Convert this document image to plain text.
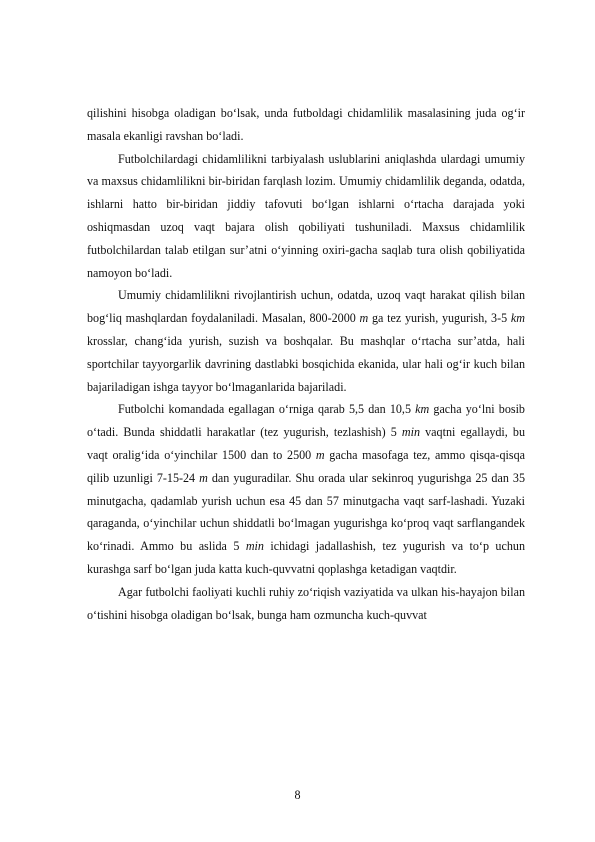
qilishini hisobga oladigan bo‘lsak, unda futboldagi chidamlilik masalasining juda og‘ir masala ekanligi ravshan bo‘ladi.

Futbolchilardagi chidamlilikni tarbiyalash uslublarini aniqlashda ulardagi umumiy va maxsus chidamlilikni bir-biridan farqlash lozim. Umumiy chidamlilik deganda, odatda, ishlarni hatto bir-biridan jiddiy tafovuti bo‘lgan ishlarni o‘rtacha darajada yoki oshiqmasdan uzoq vaqt bajara olish qobiliyati tushuniladi. Maxsus chidamlilik futbolchilardan talab etilgan sur’atni o‘yinning oxiri-gacha saqlab tura olish qobiliyatida namoyon bo‘ladi.

Umumiy chidamlilikni rivojlantirish uchun, odatda, uzoq vaqt harakat qilish bilan bog‘liq mashqlardan foydalaniladi. Masalan, 800-2000 m ga tez yurish, yugurish, 3-5 km krosslar, chang‘ida yurish, suzish va boshqalar. Bu mashqlar o‘rtacha sur’atda, hali sportchilar tayyorgarlik davrining dastlabki bosqichida ekanida, ular hali og‘ir kuch bilan bajariladigan ishga tayyor bo‘lmaganlarida bajariladi.

Futbolchi komandada egallagan o‘rniga qarab 5,5 dan 10,5 km gacha yo‘lni bosib o‘tadi. Bunda shiddatli harakatlar (tez yugurish, tezlashish) 5 min vaqtni egallaydi, bu vaqt oralig‘ida o‘yinchilar 1500 dan to 2500 m gacha masofaga tez, ammo qisqa-qisqa qilib uzunligi 7-15-24 m dan yuguradilar. Shu orada ular sekinroq yugurishga 25 dan 35 minutgacha, qadamlab yurish uchun esa 45 dan 57 minutgacha vaqt sarf-lashadi. Yuzaki qaraganda, o‘yinchilar uchun shiddatli bo‘lmagan yugurishga ko‘proq vaqt sarflangandek ko‘rinadi. Ammo bu aslida 5 min ichidagi jadallashish, tez yugurish va to‘p uchun kurashga sarf bo‘lgan juda katta kuch-quvvatni qoplashga ketadigan vaqtdir.

Agar futbolchi faoliyati kuchli ruhiy zo‘riqish vaziyatida va ulkan his-hayajon bilan o‘tishini hisobga oladigan bo‘lsak, bunga ham ozmuncha kuch-quvvat

8
